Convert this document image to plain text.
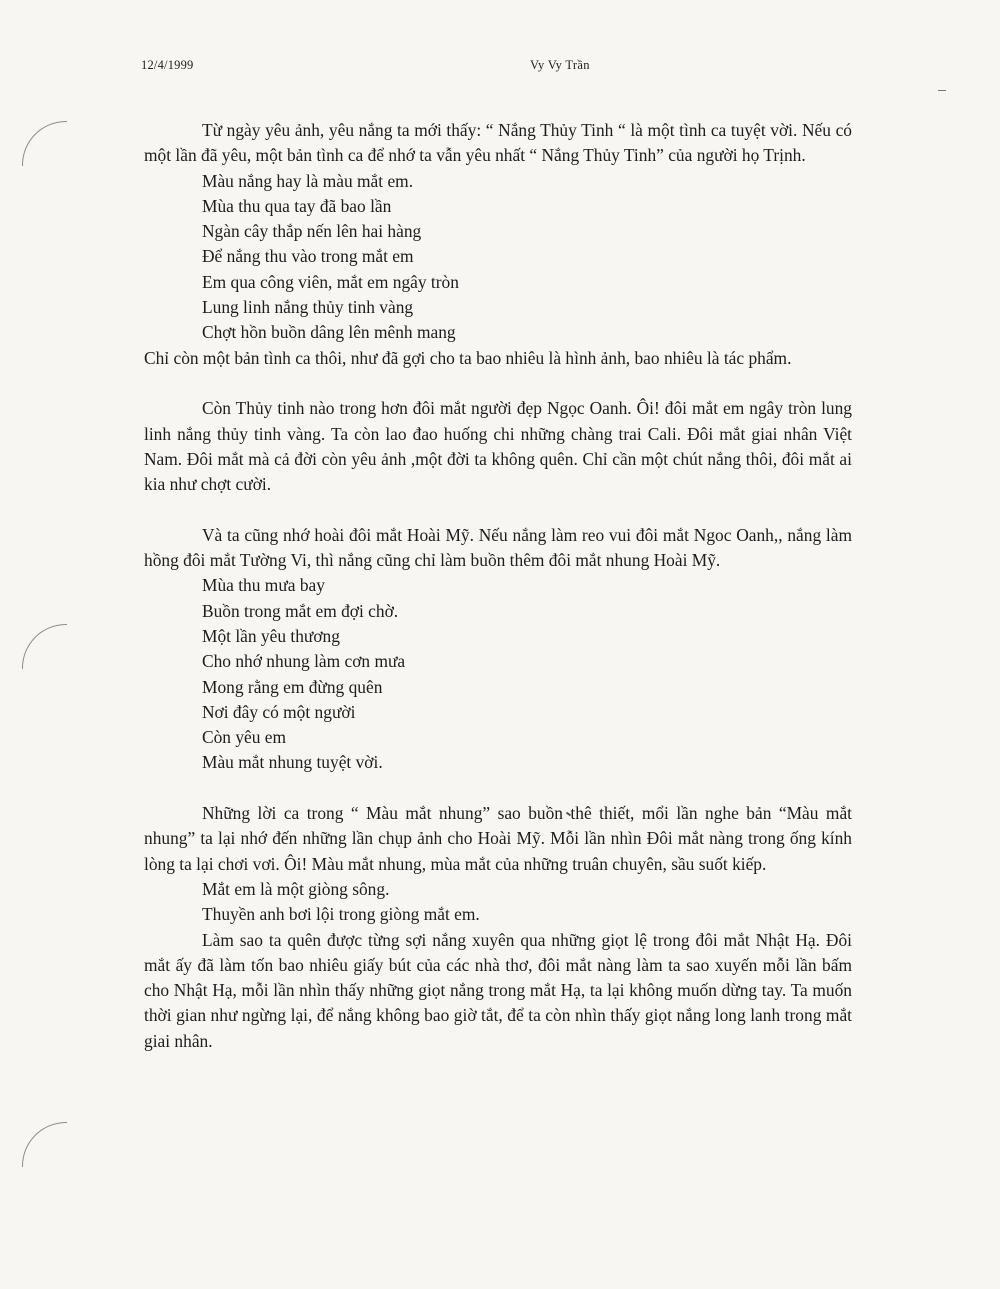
12/4/1999	Vy Vy Trần

Từ ngày yêu ảnh, yêu nắng ta mới thấy: “ Nắng Thủy Tinh “ là một tình ca tuyệt vời. Nếu có một lần đã yêu, một bản tình ca để nhớ ta vẫn yêu nhất “ Nắng Thủy Tinh” của người họ Trịnh.

Màu nắng hay là màu mắt em.
Mùa thu qua tay đã bao lần
Ngàn cây thắp nến lên hai hàng
Để nắng thu vào trong mắt em
Em qua công viên, mắt em ngây tròn
Lung linh nắng thủy tinh vàng
Chợt hồn buồn dâng lên mênh mang

Chỉ còn một bản tình ca thôi, như đã gợi cho ta bao nhiêu là hình ảnh, bao nhiêu là tác phẩm.

Còn Thủy tinh nào trong hơn đôi mắt người đẹp Ngọc Oanh. Ôi! đôi mắt em ngây tròn lung linh nắng thủy tinh vàng. Ta còn lao đao huống chi những chàng trai Cali. Đôi mắt giai nhân Việt Nam. Đôi mắt mà cả đời còn yêu ảnh ,một đời ta không quên. Chỉ cần một chút nắng thôi, đôi mắt ai kia như chợt cười.

Và ta cũng nhớ hoài đôi mắt Hoài Mỹ. Nếu nắng làm reo vui đôi mắt Ngoc Oanh,, nắng làm hồng đôi mắt Tường Vi, thì nắng cũng chỉ làm buồn thêm đôi mắt nhung Hoài Mỹ.

Mùa thu mưa bay
Buồn trong mắt em đợi chờ.
Một lần yêu thương
Cho nhớ nhung làm cơn mưa
Mong rằng em đừng quên
Nơi đây có một người
Còn yêu em
Màu mắt nhung tuyệt vời.

Những lời ca trong “ Màu mắt nhung” sao buồn thê thiết, mổi lần nghe bản “Màu mắt nhung” ta lại nhớ đến những lần chụp ảnh cho Hoài Mỹ. Mỗi lần nhìn Đôi mắt nàng trong ống kính lòng ta lại chơi vơi. Ôi! Màu mắt nhung, mùa mắt của những truân chuyên, sầu suốt kiếp.

Mắt em là một giòng sông.
Thuyền anh bơi lội trong giòng mắt em.

Làm sao ta quên được từng sợi nắng xuyên qua những giọt lệ trong đôi mắt Nhật Hạ. Đôi mắt ấy đã làm tốn bao nhiêu giấy bút của các nhà thơ, đôi mắt nàng làm ta sao xuyến mỗi lần bấm cho Nhật Hạ, mỗi lần nhìn thấy những giọt nắng trong mắt Hạ, ta lại không muốn dừng tay. Ta muốn thời gian như ngừng lại, để nắng không bao giờ tắt, để ta còn nhìn thấy giọt nắng long lanh trong mắt giai nhân.
